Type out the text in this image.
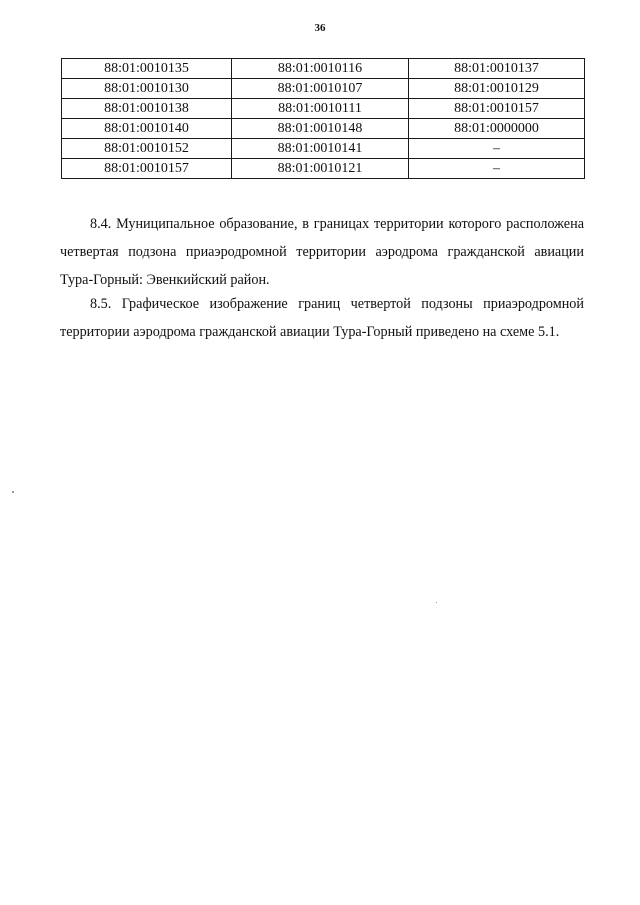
36
88:01:0010135	88:01:0010116	88:01:0010137
88:01:0010130	88:01:0010107	88:01:0010129
88:01:0010138	88:01:0010111	88:01:0010157
88:01:0010140	88:01:0010148	88:01:0000000
88:01:0010152	88:01:0010141	–
88:01:0010157	88:01:0010121	–
8.4. Муниципальное образование, в границах территории которого расположена
четвертая подзона приаэродромной территории аэродрома гражданской авиации
Тура-Горный: Эвенкийский район.
8.5. Графическое изображение границ четвертой подзоны приаэродромной
территории аэродрома гражданской авиации Тура-Горный приведено на схеме 5.1.
